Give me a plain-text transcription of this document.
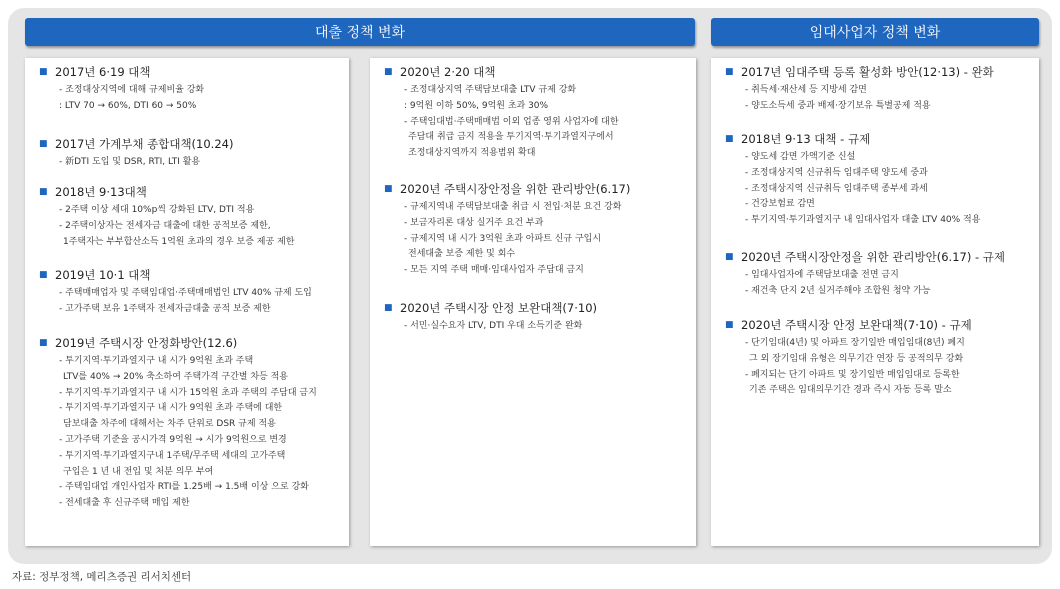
대출 정책 변화	임대사업자 정책 변화
■ 2017년 6·19 대책
- 조정대상지역에 대해 규제비율 강화
: LTV 70 → 60%, DTI 60 → 50%
■ 2017년 가계부채 종합대책(10.24)
- 新DTI 도입 및 DSR, RTI, LTI 활용
■ 2018년 9·13대책
- 2주택 이상 세대 10%p씩 강화된 LTV, DTI 적용
- 2주택이상자는 전세자금 대출에 대한 공적보증 제한,
1주택자는 부부합산소득 1억원 초과의 경우 보증 제공 제한
■ 2019년 10·1 대책
- 주택매매업자 및 주택임대업·주택매매법인 LTV 40% 규제 도입
- 고가주택 보유 1주택자 전세자금대출 공적 보증 제한
■ 2019년 주택시장 안정화방안(12.6)
- 투기지역·투기과열지구 내 시가 9억원 초과 주택
LTV를 40% → 20% 축소하여 주택가격 구간별 차등 적용
- 투기지역·투기과열지구 내 시가 15억원 초과 주택의 주담대 금지
- 투기지역·투기과열지구 내 시가 9억원 초과 주택에 대한
담보대출 차주에 대해서는 차주 단위로 DSR 규제 적용
- 고가주택 기준을 공시가격 9억원 → 시가 9억원으로 변경
- 투기지역·투기과열지구내 1주택/무주택 세대의 고가주택
구입은 1 년 내 전입 및 처분 의무 부여
- 주택임대업 개인사업자 RTI를 1.25배 → 1.5배 이상 으로 강화
- 전세대출 후 신규주택 매입 제한
■ 2020년 2·20 대책
- 조정대상지역 주택담보대출 LTV 규제 강화
: 9억원 이하 50%, 9억원 초과 30%
- 주택임대법·주택매매법 이외 업종 영위 사업자에 대한
주담대 취급 금지 적용을 투기지역·투기과열지구에서
조정대상지역까지 적용범위 확대
■ 2020년 주택시장안정을 위한 관리방안(6.17)
- 규제지역내 주택담보대출 취급 시 전입·처분 요건 강화
- 보금자리론 대상 실거주 요건 부과
- 규제지역 내 시가 3억원 초과 아파트 신규 구입시
전세대출 보증 제한 및 회수
- 모든 지역 주택 매매·임대사업자 주담대 금지
■ 2020년 주택시장 안정 보완대책(7·10)
- 서민·실수요자 LTV, DTI 우대 소득기준 완화
■ 2017년 임대주택 등록 활성화 방안(12·13) - 완화
- 취득세·재산세 등 지방세 감면
- 양도소득세 중과 배제·장기보유 특별공제 적용
■ 2018년 9·13 대책 - 규제
- 양도세 감면 가액기준 신설
- 조정대상지역 신규취득 임대주택 양도세 중과
- 조정대상지역 신규취득 임대주택 종부세 과세
- 건강보험료 감면
- 투기지역·투기과열지구 내 임대사업자 대출 LTV 40% 적용
■ 2020년 주택시장안정을 위한 관리방안(6.17) - 규제
- 임대사업자에 주택담보대출 전면 금지
- 재건축 단지 2년 실거주해야 조합원 청약 가능
■ 2020년 주택시장 안정 보완대책(7·10) - 규제
- 단기임대(4년) 및 아파트 장기일반 매입임대(8년) 폐지
그 외 장기임대 유형은 의무기간 연장 등 공적의무 강화
- 폐지되는 단기 아파트 및 장기일반 매입임대로 등록한
기존 주택은 임대의무기간 경과 즉시 자동 등록 말소
자료: 정부정책, 메리츠증권 리서치센터
